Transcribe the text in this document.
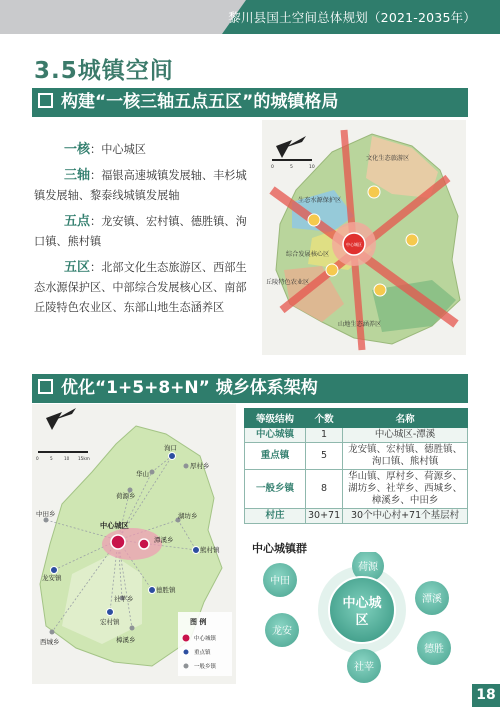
黎川县国土空间总体规划（2021-2035年）
3.5城镇空间
构建“一核三轴五点五区”的城镇格局

一核：中心城区

三轴：福银高速城镇发展轴、丰杉城镇发展轴、黎泰线城镇发展轴

五点：龙安镇、宏村镇、德胜镇、洵口镇、熊村镇

五区：北部文化生态旅游区、西部生态水源保护区、中部综合发展核心区、南部丘陵特色农业区、东部山地生态涵养区

中心城区
文化生态旅游区
生态水源保护区
综合发展核心区
丘陵特色农业区
山地生态涵养区
0	5	10
优化“1+5+8+N” 城乡体系架构
洵口
厚村乡
华山
荷源乡
中田乡
中心城区
湖坊乡
潭溪乡
熊村镇
龙安镇
社苹乡
宏村镇
德胜镇
西城乡	樟溪乡
0	5	10 15km
图 例
中心城镇
重点镇
一般乡镇
等级结构	个数	名称
中心城镇	1	中心城区-潭溪

重点镇	5	龙安镇、宏村镇、德胜镇、
洵口镇、熊村镇

一般乡镇	8	华山镇、厚村乡、荷源乡、
湖坊乡、社苹乡、西城乡、
樟溪乡、中田乡

村庄	30+71	30个中心村+71个基层村
中心城镇群
荷源
潭溪
德胜
社苹
龙安
中田
中心城
区
18
